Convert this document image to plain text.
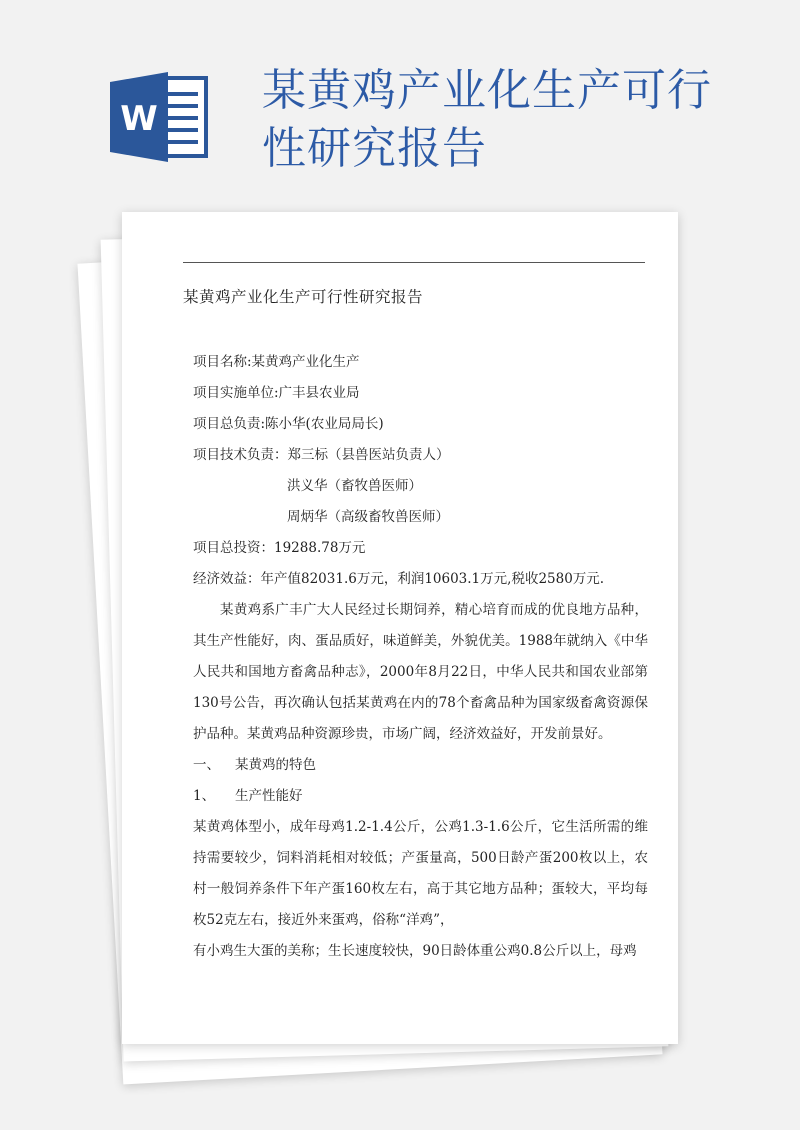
W
某黄鸡产业化生产可行性研究报告
某黄鸡产业化生产可行性研究报告
项目名称:某黄鸡产业化生产
项目实施单位:广丰县农业局
项目总负责:陈小华(农业局局长)
项目技术负责：郑三标（县兽医站负责人）
洪义华（畜牧兽医师）
周炳华（高级畜牧兽医师）
项目总投资：19288.78万元
经济效益：年产值82031.6万元，利润10603.1万元,税收2580万元.

某黄鸡系广丰广大人民经过长期饲养，精心培育而成的优良地方品种，其生产性能好，肉、蛋品质好，味道鲜美，外貌优美。1988年就纳入《中华人民共和国地方畜禽品种志》，2000年8月22日，中华人民共和国农业部第130号公告，再次确认包括某黄鸡在内的78个畜禽品种为国家级畜禽资源保护品种。某黄鸡品种资源珍贵，市场广阔，经济效益好，开发前景好。

一、 某黄鸡的特色
1、 生产性能好

某黄鸡体型小，成年母鸡1.2-1.4公斤，公鸡1.3-1.6公斤，它生活所需的维持需要较少，饲料消耗相对较低；产蛋量高，500日龄产蛋200枚以上，农村一般饲养条件下年产蛋160枚左右，高于其它地方品种；蛋较大，平均每枚52克左右，接近外来蛋鸡，俗称“洋鸡”，

有小鸡生大蛋的美称；生长速度较快，90日龄体重公鸡0.8公斤以上，母鸡
